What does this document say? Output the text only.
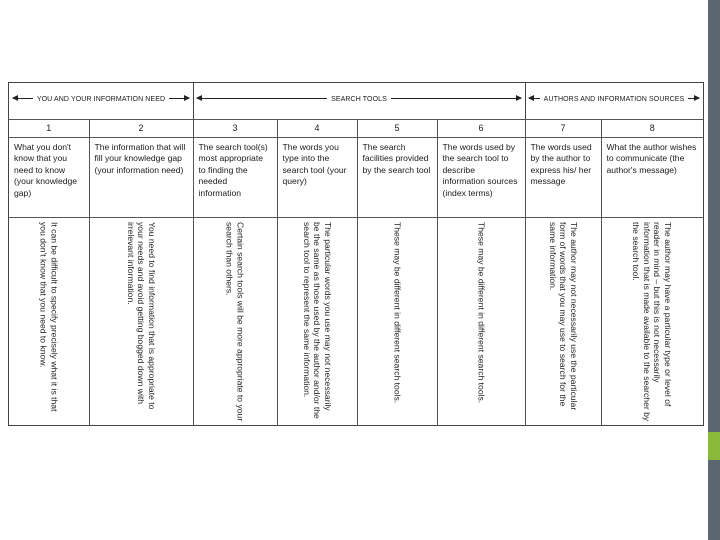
YOU AND YOUR INFORMATION NEED	SEARCH TOOLS	AUTHORS AND INFORMATION SOURCES
1	2	3	4	5	6	7	8
What you don't know that you need to know (your knowledge gap)	The information that will fill your knowledge gap (your information need)	The search tool(s) most appropriate to finding the needed information	The words you type into the search tool (your query)	The search facilities provided by the search tool	The words used by the search tool to describe information sources (index terms)	The words used by the author to express his/ her message	What the author wishes to communicate (the author's message)

It can be difficult to specify precisely what it is that you don't know that you need to know.	You need to find information that is appropriate to your needs and avoid getting bogged down with irrelevant information.	Certain search tools will be more appropriate to your search than others.	The particular words you use may not necessarily be the same as those used by the author and/or the search tool to represent the same information.	These may be different in different search tools.	These may be different in different search tools.	The author may not necessarily use the particular form of words that you may use to search for the same information.	The author may have a particular type or level of reader in mind – but this is not necessarily information that is made available to the searcher by the search tool.
